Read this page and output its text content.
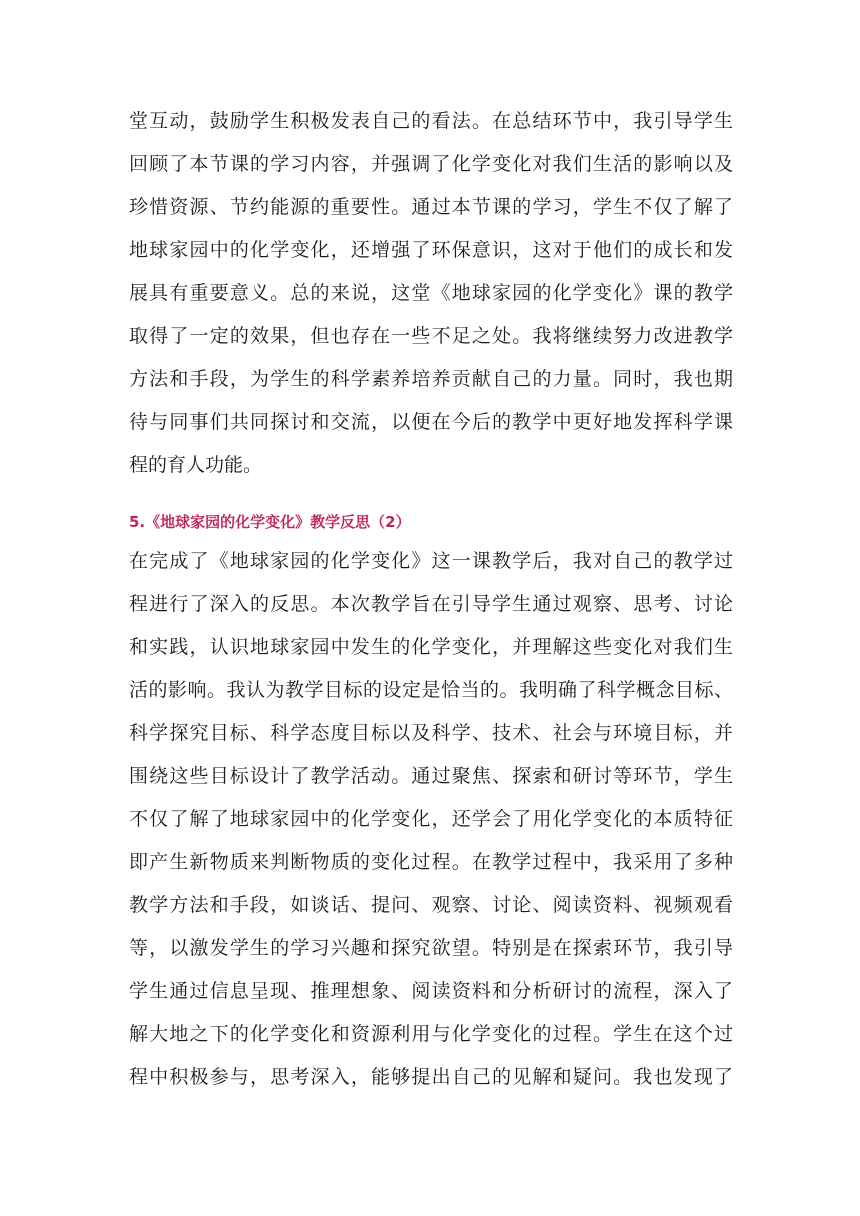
堂互动，鼓励学生积极发表自己的看法。在总结环节中，我引导学生
回顾了本节课的学习内容，并强调了化学变化对我们生活的影响以及
珍惜资源、节约能源的重要性。通过本节课的学习，学生不仅了解了
地球家园中的化学变化，还增强了环保意识，这对于他们的成长和发
展具有重要意义。总的来说，这堂《地球家园的化学变化》课的教学
取得了一定的效果，但也存在一些不足之处。我将继续努力改进教学
方法和手段，为学生的科学素养培养贡献自己的力量。同时，我也期
待与同事们共同探讨和交流，以便在今后的教学中更好地发挥科学课
程的育人功能。
5.《地球家园的化学变化》教学反思（2）
在完成了《地球家园的化学变化》这一课教学后，我对自己的教学过
程进行了深入的反思。本次教学旨在引导学生通过观察、思考、讨论
和实践，认识地球家园中发生的化学变化，并理解这些变化对我们生
活的影响。我认为教学目标的设定是恰当的。我明确了科学概念目标、
科学探究目标、科学态度目标以及科学、技术、社会与环境目标，并
围绕这些目标设计了教学活动。通过聚焦、探索和研讨等环节，学生
不仅了解了地球家园中的化学变化，还学会了用化学变化的本质特征
即产生新物质来判断物质的变化过程。在教学过程中，我采用了多种
教学方法和手段，如谈话、提问、观察、讨论、阅读资料、视频观看
等，以激发学生的学习兴趣和探究欲望。特别是在探索环节，我引导
学生通过信息呈现、推理想象、阅读资料和分析研讨的流程，深入了
解大地之下的化学变化和资源利用与化学变化的过程。学生在这个过
程中积极参与，思考深入，能够提出自己的见解和疑问。我也发现了
